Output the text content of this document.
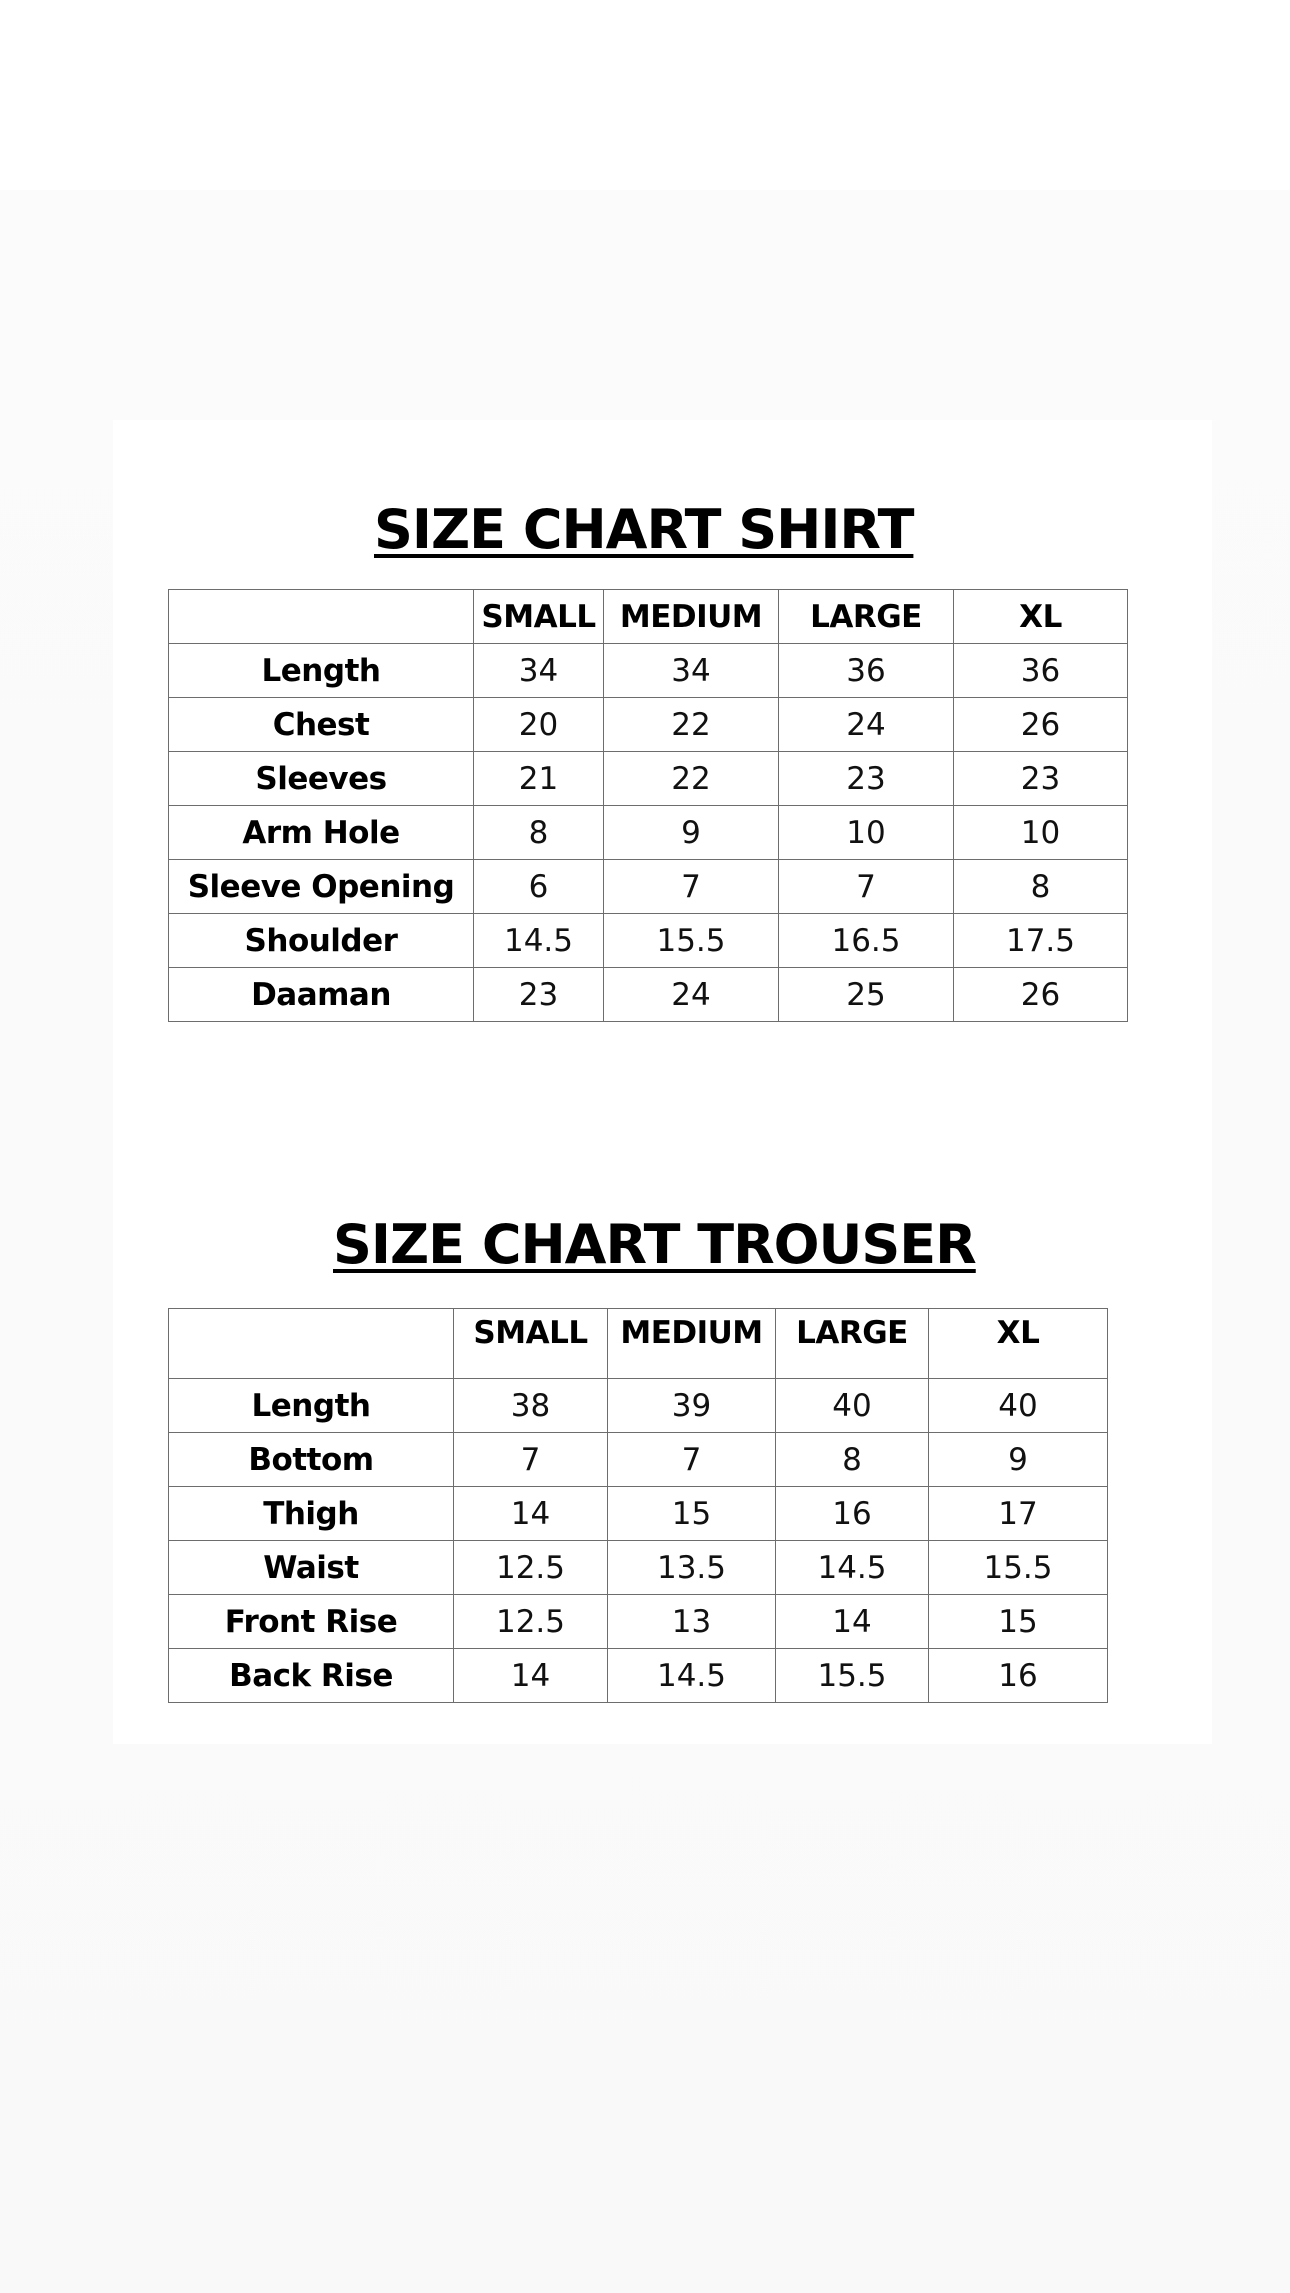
SIZE CHART SHIRT
	SMALL	MEDIUM	LARGE	XL
Length	34	34	36	36
Chest	20	22	24	26
Sleeves	21	22	23	23
Arm Hole	8	9	10	10
Sleeve Opening	6	7	7	8
Shoulder	14.5	15.5	16.5	17.5
Daaman	23	24	25	26
SIZE CHART TROUSER
	SMALL	MEDIUM	LARGE	XL
Length	38	39	40	40
Bottom	7	7	8	9
Thigh	14	15	16	17
Waist	12.5	13.5	14.5	15.5
Front Rise	12.5	13	14	15
Back Rise	14	14.5	15.5	16
